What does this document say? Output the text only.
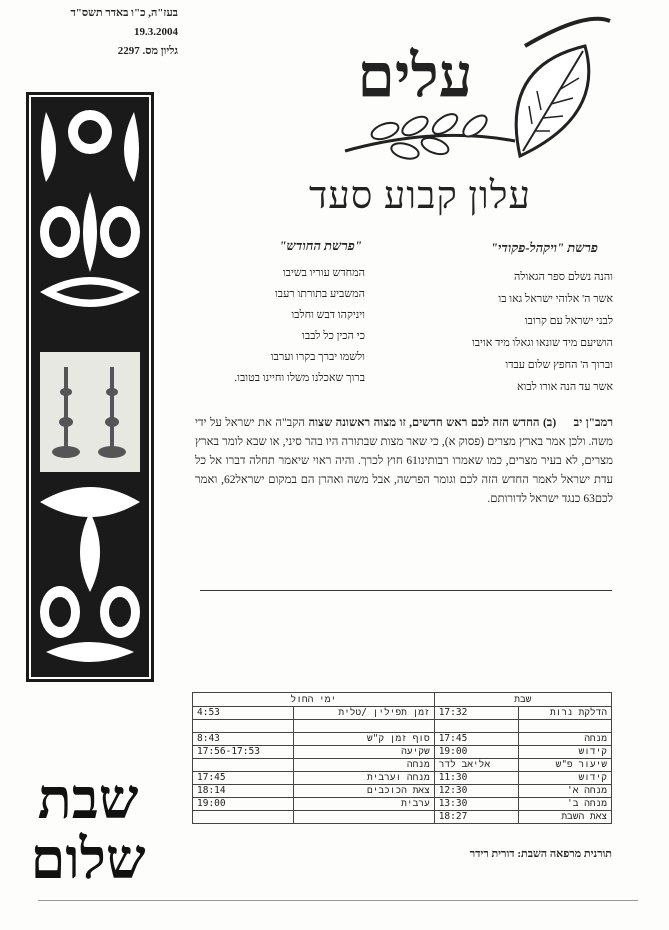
בעז"ה, כ"ו באדר תשס"ד
19.3.2004
גליון מס. 2297
שבת
שלום
עלים
עלון קבוע סעד
פרשת "ויקהל-פקודי"
והנה נשלם ספר הגאולה
אשר ה' אלוהי ישראל גאו בו
לבני ישראל עם קרובו
הושיעם מיד שונאו וגאלו מיד אויבו
וברוך ה' החפץ שלום עבדו
אשר עד הנה אורו לבוא
"פרשת החודש"
המחדש עוריו בשיבו
המשביע בתורתו רעבו
ויניקהו דבש וחלבו
כי הכין כל לבבו
ולשמו יברך בקרו וערבו
ברוך שאכלנו משלו וחיינו בטובו.
רמב"ן יב (ב) החדש הזה לכם ראש חדשים, זו מצוה ראשונה שצוה הקב"ה את ישראל על ידי משה. ולכן אמר בארץ מצרים (פסוק א), כי שאר מצות שבתורה היו בהר סיני, או שבא לומר בארץ מצרים, לא בעיר מצרים, כמו שאמרו רבותינו61 חוץ לכרך. והיה ראוי שיאמר תחלה דברו אל כל עדת ישראל לאמר החדש הזה לכם וגומר הפרשה, אבל משה ואהרן הם במקום ישראל62, ואמר לכם63 כנגד ישראל לדורותם.
שבת		ימי החול	
הדלקת נרות	17:32	זמן תפילין /טלית	4:53

מנחה	17:45	סוף זמן ק"ש	8:43
קידוש	19:00	שקיעה	17:56-17:53
שיעור פ"ש	אליאב לדר	מנחה	
קידוש	11:30	מנחה וערבית	17:45
מנחה א'	12:30	צאת הכוכבים	18:14
מנחה ב'	13:30	ערבית	19:00
צאת השבת	18:27		
תורנית מרפאה השבת: דורית רידר
